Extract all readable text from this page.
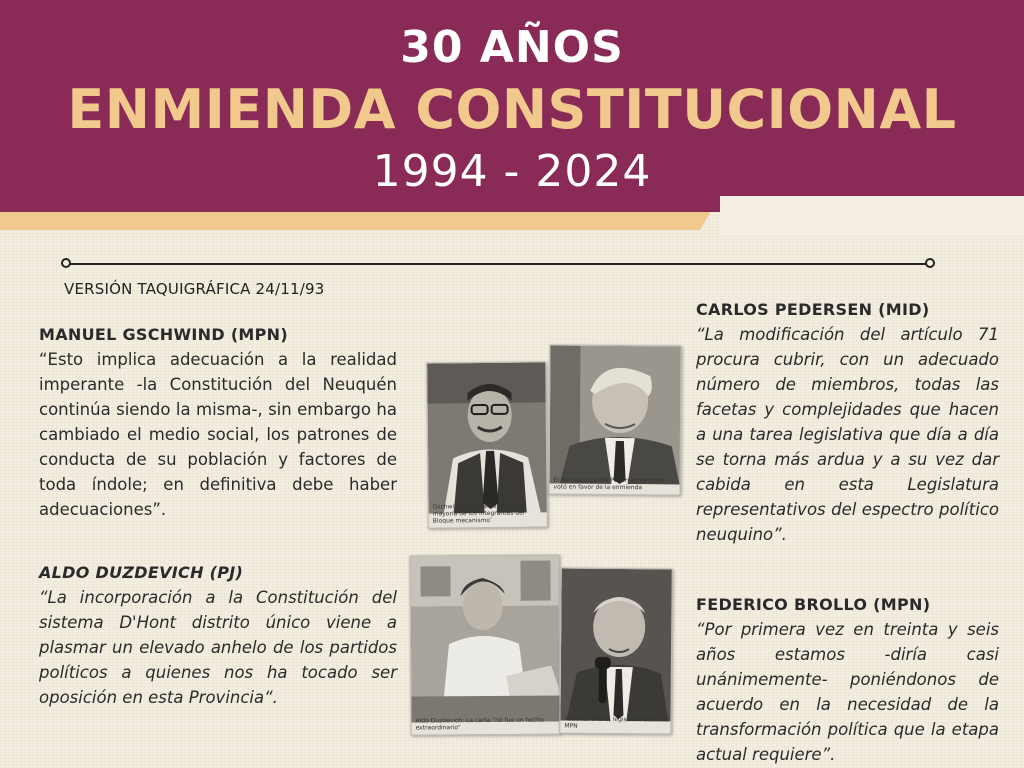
30 AÑOS
ENMIENDA CONSTITUCIONAL
1994 - 2024
VERSIÓN TAQUIGRÁFICA 24/11/93
MANUEL GSCHWIND (MPN)
“Esto implica adecuación a la realidad imperante -la Constitución del Neuquén continúa siendo la misma-, sin embargo ha cambiado el medio social, los patrones de conducta de su población y factores de toda índole; en definitiva debe haber adecuaciones”.
ALDO DUZDEVICH (PJ)
“La incorporación a la Constitución del sistema D'Hont distrito único viene a plasmar un elevado anhelo de los partidos políticos a quienes nos ha tocado ser oposición en esta Provincia“.
CARLOS PEDERSEN (MID)
“La modificación del artículo 71 procura cubrir, con un adecuado número de miembros, todas las facetas y complejidades que hacen a una tarea legislativa que día a día se torna más ardua y a su vez dar cabida en esta Legislatura representativos del espectro político neuquino”.
FEDERICO BROLLO (MPN)
“Por primera vez en treinta y seis años estamos -diría casi unánimemente- poniéndonos de acuerdo en la necesidad de la transformación política que la etapa actual requiere”.
Gschwind dijo que existe ‘en la mayoría de los integrantes del Bloque mecanismo’
El diputado Carlos Pedersen también votó en favor de la enmienda
Aldo Duzdevich: La carta “no fue un hecho extraordinario”
Federico Brollo, legislador del MPN
